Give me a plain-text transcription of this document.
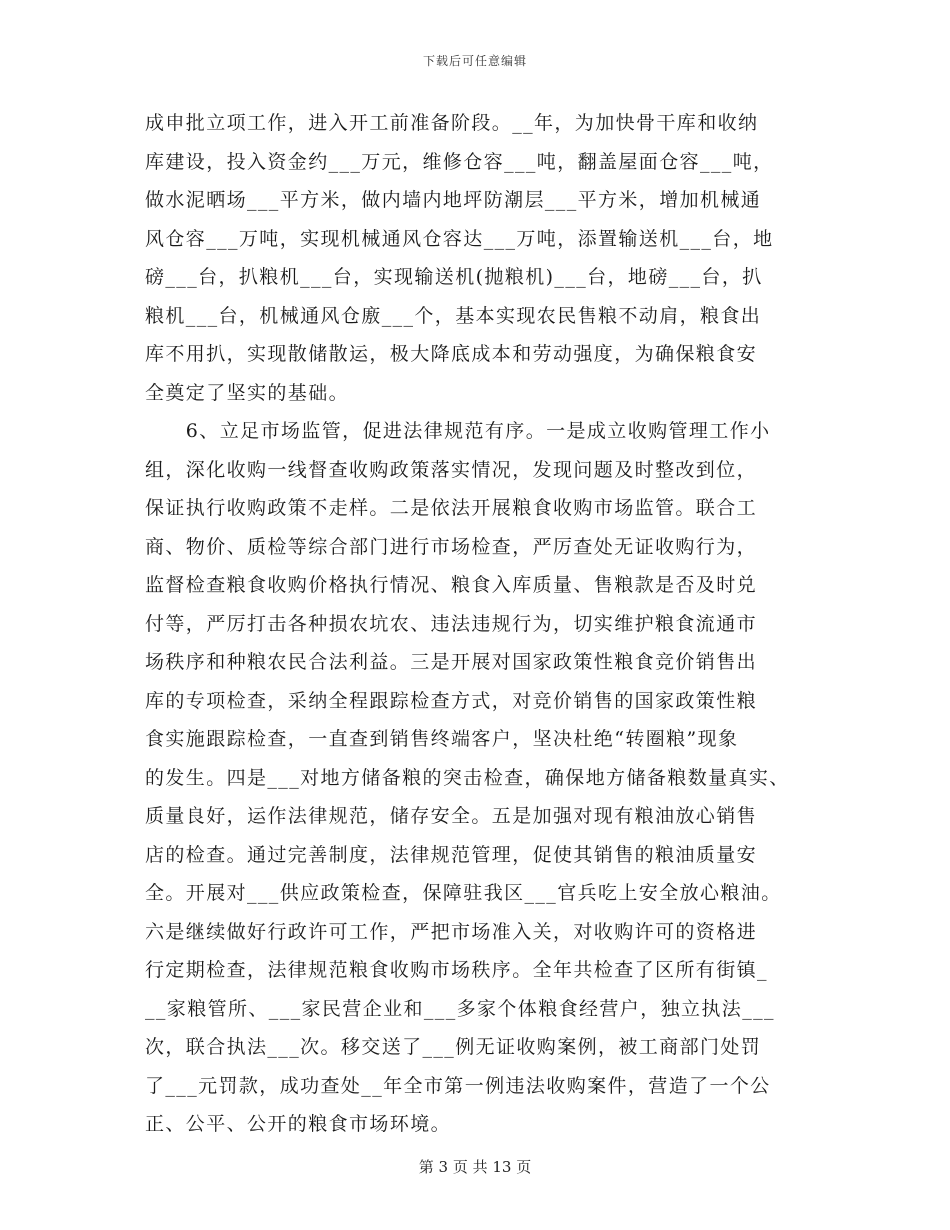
下载后可任意编辑
成申批立项工作，进入开工前准备阶段。__年，为加快骨干库和收纳
库建设，投入资金约___万元，维修仓容___吨，翻盖屋面仓容___吨，
做水泥晒场___平方米，做内墙内地坪防潮层___平方米，增加机械通
风仓容___万吨，实现机械通风仓容达___万吨，添置输送机___台，地
磅___台，扒粮机___台，实现输送机(抛粮机)___台，地磅___台，扒
粮机___台，机械通风仓廒___个，基本实现农民售粮不动肩，粮食出
库不用扒，实现散储散运，极大降底成本和劳动强度，为确保粮食安
全奠定了坚实的基础。
　　6、立足市场监管，促进法律规范有序。一是成立收购管理工作小
组，深化收购一线督查收购政策落实情况，发现问题及时整改到位，
保证执行收购政策不走样。二是依法开展粮食收购市场监管。联合工
商、物价、质检等综合部门进行市场检查，严厉查处无证收购行为，
监督检查粮食收购价格执行情况、粮食入库质量、售粮款是否及时兑
付等，严厉打击各种损农坑农、违法违规行为，切实维护粮食流通市
场秩序和种粮农民合法利益。三是开展对国家政策性粮食竞价销售出
库的专项检查，采纳全程跟踪检查方式，对竞价销售的国家政策性粮
食实施跟踪检查，一直查到销售终端客户，坚决杜绝“转圈粮”现象
的发生。四是___对地方储备粮的突击检查，确保地方储备粮数量真实、
质量良好，运作法律规范，储存安全。五是加强对现有粮油放心销售
店的检查。通过完善制度，法律规范管理，促使其销售的粮油质量安
全。开展对___供应政策检查，保障驻我区___官兵吃上安全放心粮油。
六是继续做好行政许可工作，严把市场准入关，对收购许可的资格进
行定期检查，法律规范粮食收购市场秩序。全年共检查了区所有街镇_
__家粮管所、___家民营企业和___多家个体粮食经营户，独立执法___
次，联合执法___次。移交送了___例无证收购案例，被工商部门处罚
了___元罚款，成功查处__年全市第一例违法收购案件，营造了一个公
正、公平、公开的粮食市场环境。
第 3 页 共 13 页
